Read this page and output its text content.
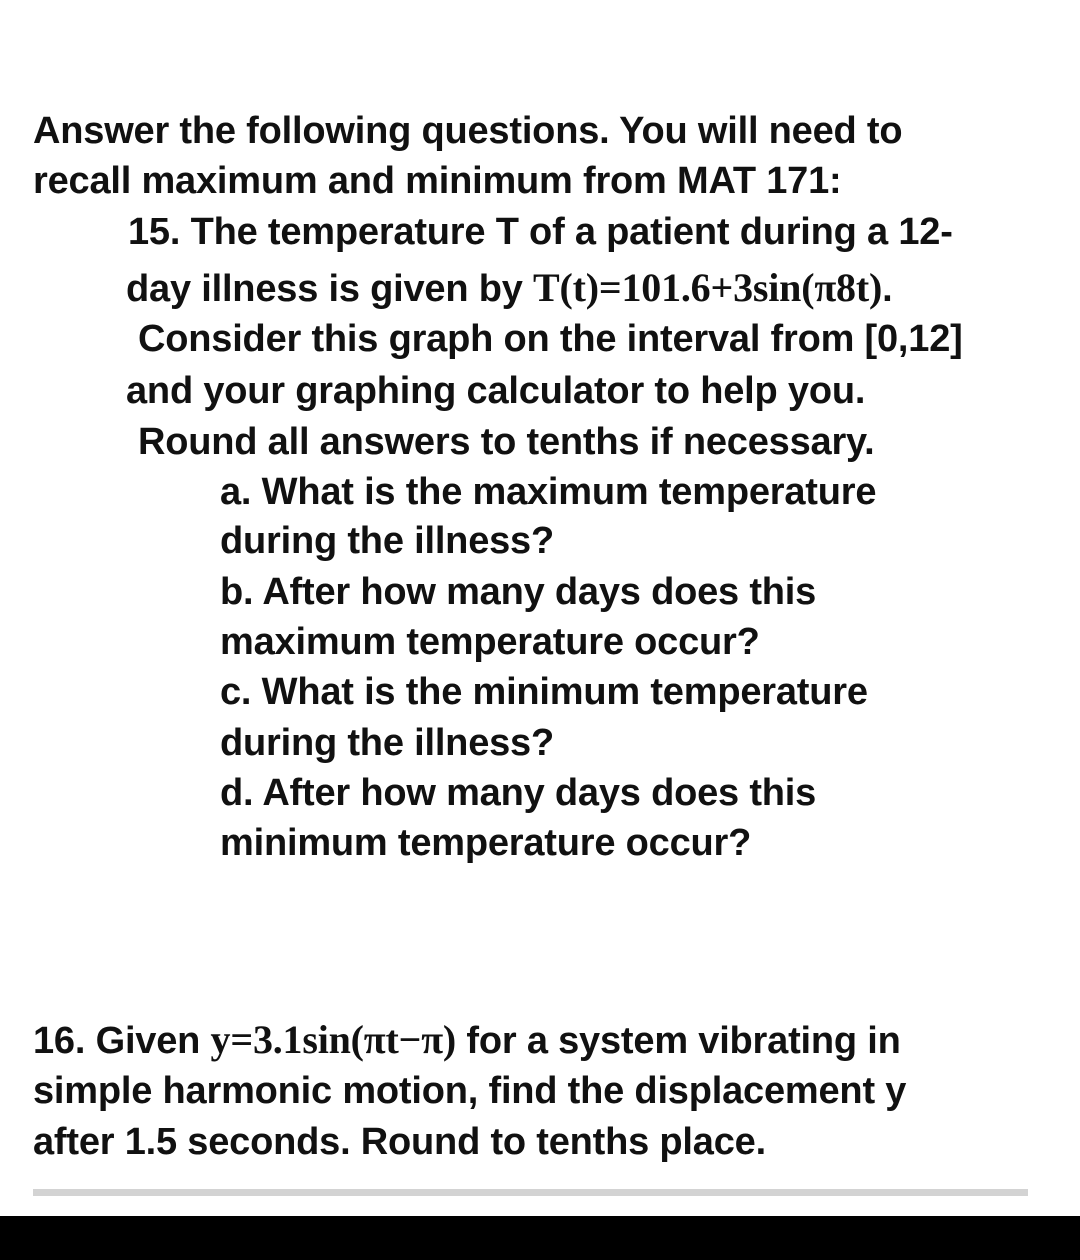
Answer the following questions. You will need to
recall maximum and minimum from MAT 171:
15. The temperature T of a patient during a 12-
day illness is given by T(t)=101.6+3sin(π8t).
Consider this graph on the interval from [0,12]
and your graphing calculator to help you.
Round all answers to tenths if necessary.
a. What is the maximum temperature
during the illness?
b. After how many days does this
maximum temperature occur?
c. What is the minimum temperature
during the illness?
d. After how many days does this
minimum temperature occur?
16. Given y=3.1sin(πt−π) for a system vibrating in
simple harmonic motion, find the displacement y
after 1.5 seconds. Round to tenths place.
